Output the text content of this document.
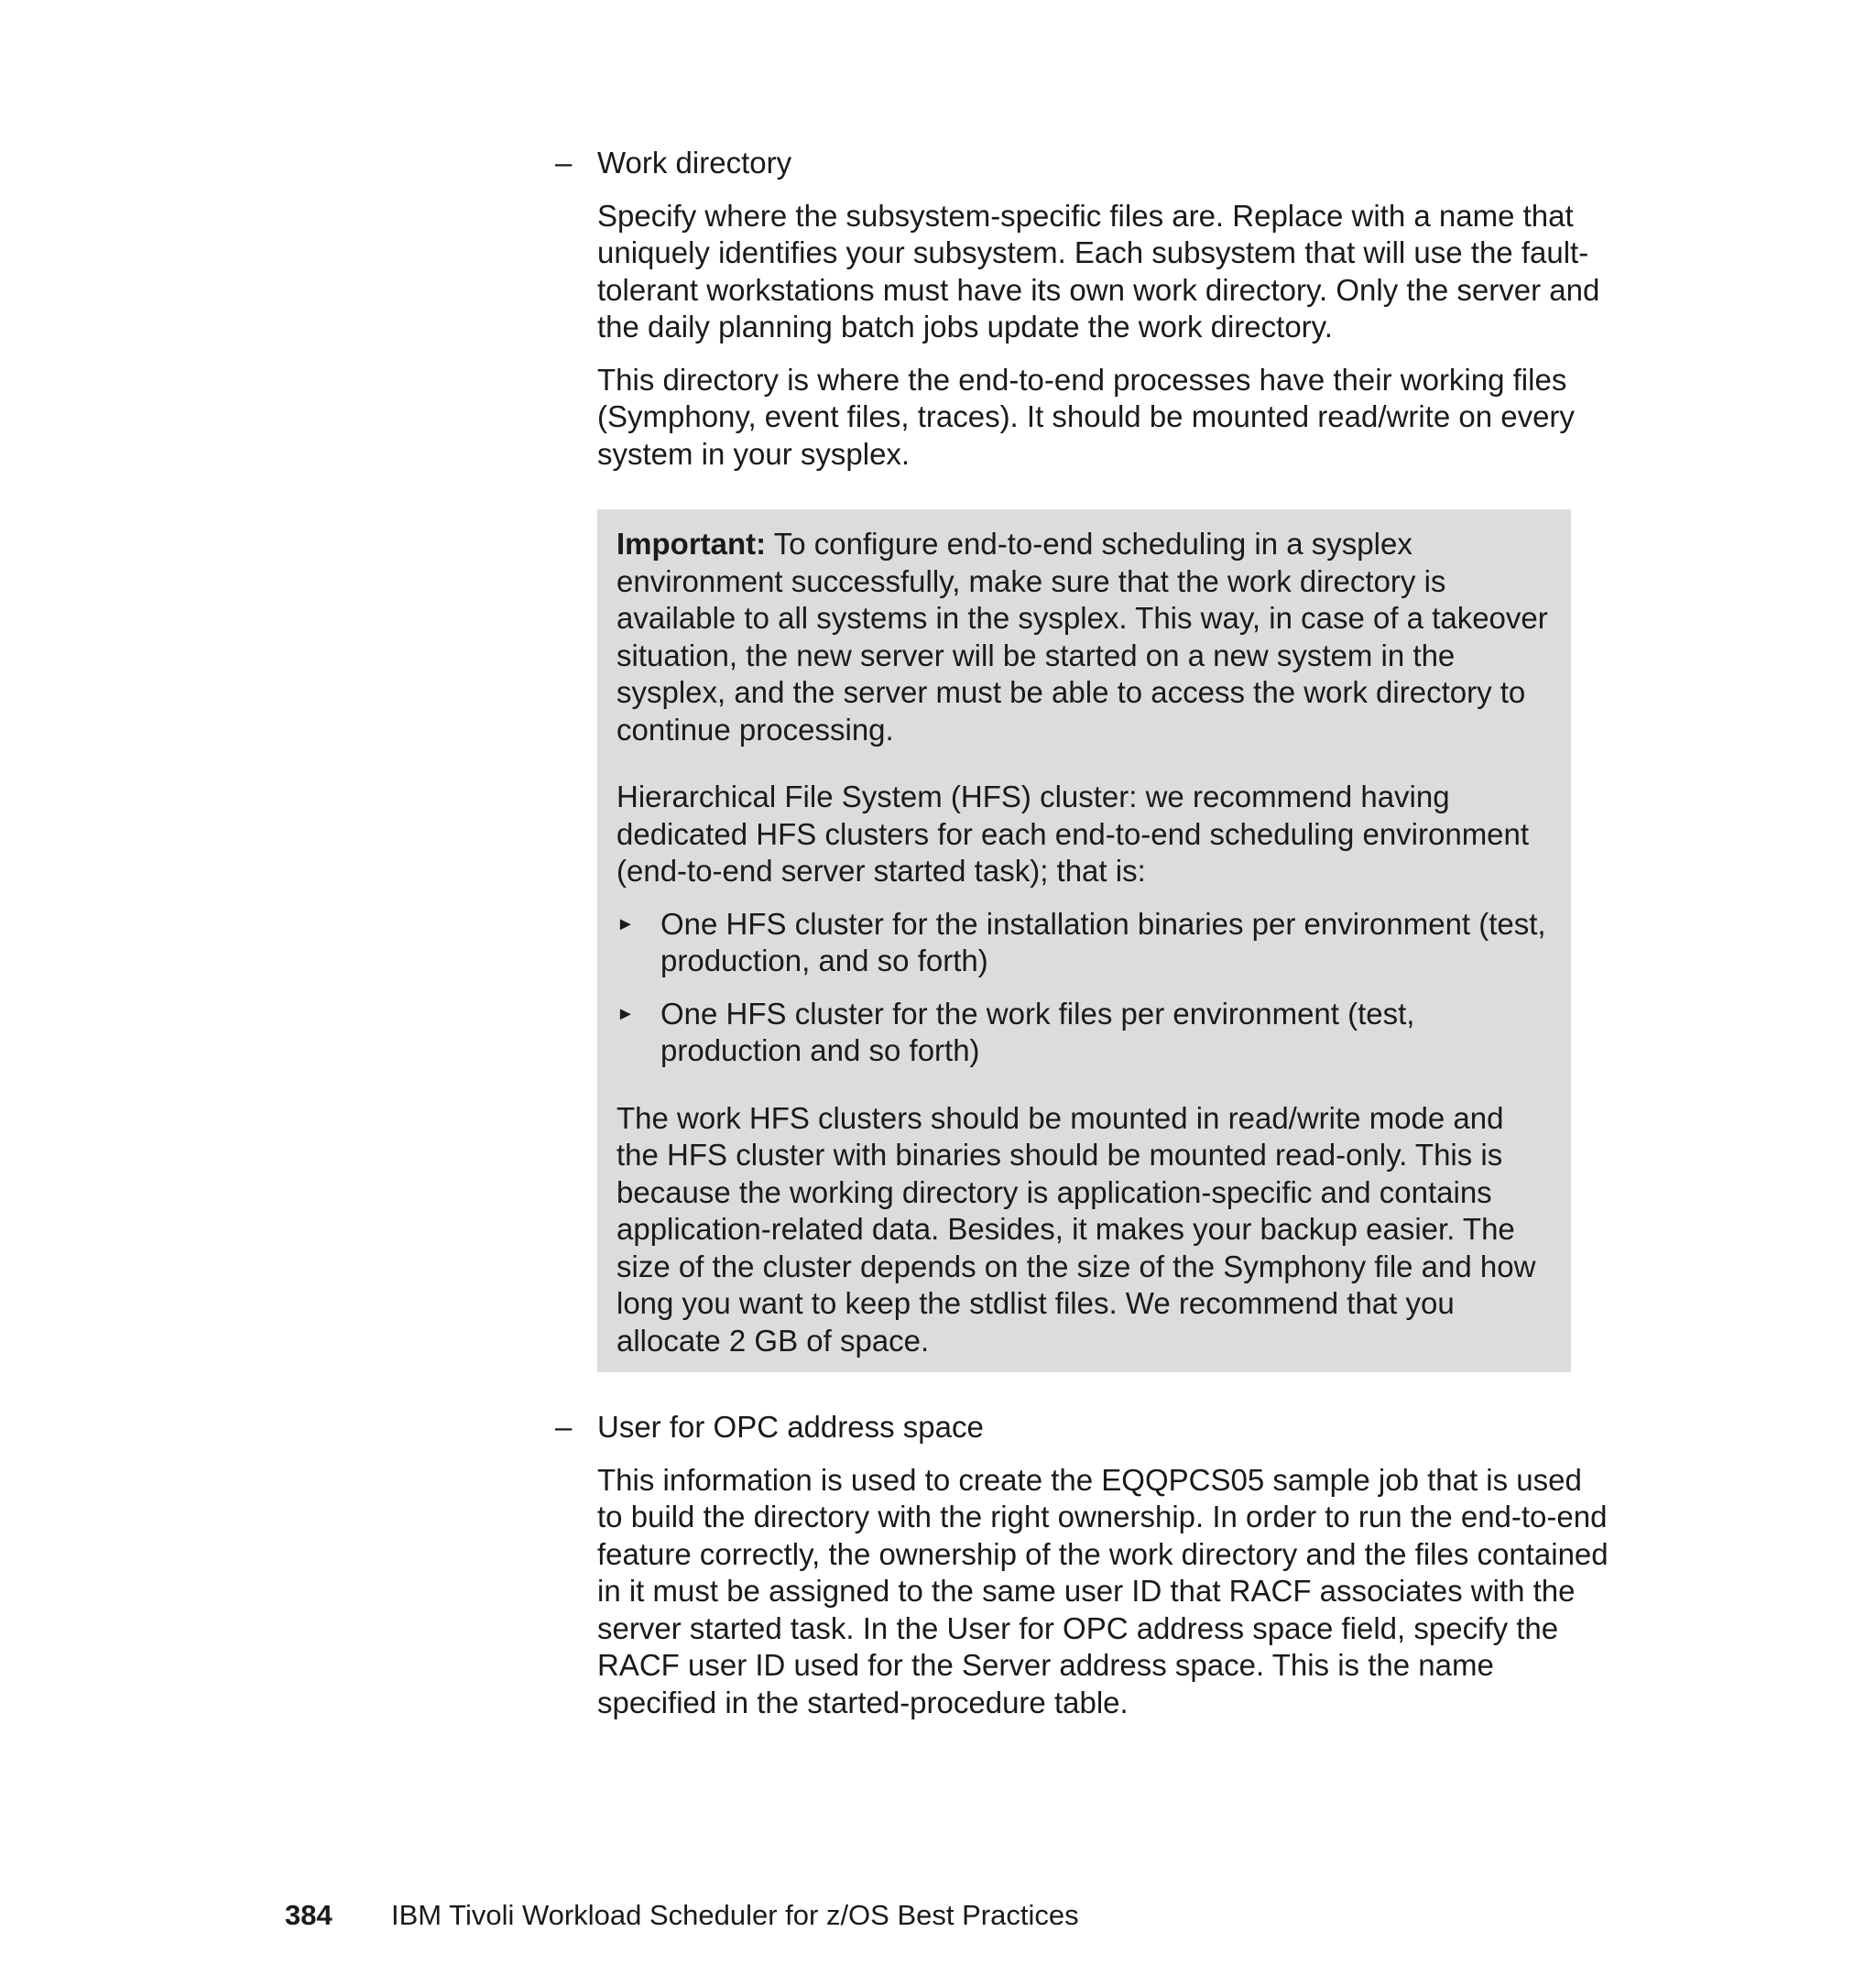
– Work directory

Specify where the subsystem-specific files are. Replace with a name that uniquely identifies your subsystem. Each subsystem that will use the fault-tolerant workstations must have its own work directory. Only the server and the daily planning batch jobs update the work directory.

This directory is where the end-to-end processes have their working files (Symphony, event files, traces). It should be mounted read/write on every system in your sysplex.

Important: To configure end-to-end scheduling in a sysplex environment successfully, make sure that the work directory is available to all systems in the sysplex. This way, in case of a takeover situation, the new server will be started on a new system in the sysplex, and the server must be able to access the work directory to continue processing.

Hierarchical File System (HFS) cluster: we recommend having dedicated HFS clusters for each end-to-end scheduling environment (end-to-end server started task); that is:

► One HFS cluster for the installation binaries per environment (test, production, and so forth)
► One HFS cluster for the work files per environment (test, production and so forth)

The work HFS clusters should be mounted in read/write mode and the HFS cluster with binaries should be mounted read-only. This is because the working directory is application-specific and contains application-related data. Besides, it makes your backup easier. The size of the cluster depends on the size of the Symphony file and how long you want to keep the stdlist files. We recommend that you allocate 2 GB of space.

– User for OPC address space

This information is used to create the EQQPCS05 sample job that is used to build the directory with the right ownership. In order to run the end-to-end feature correctly, the ownership of the work directory and the files contained in it must be assigned to the same user ID that RACF associates with the server started task. In the User for OPC address space field, specify the RACF user ID used for the Server address space. This is the name specified in the started-procedure table.

384 IBM Tivoli Workload Scheduler for z/OS Best Practices
